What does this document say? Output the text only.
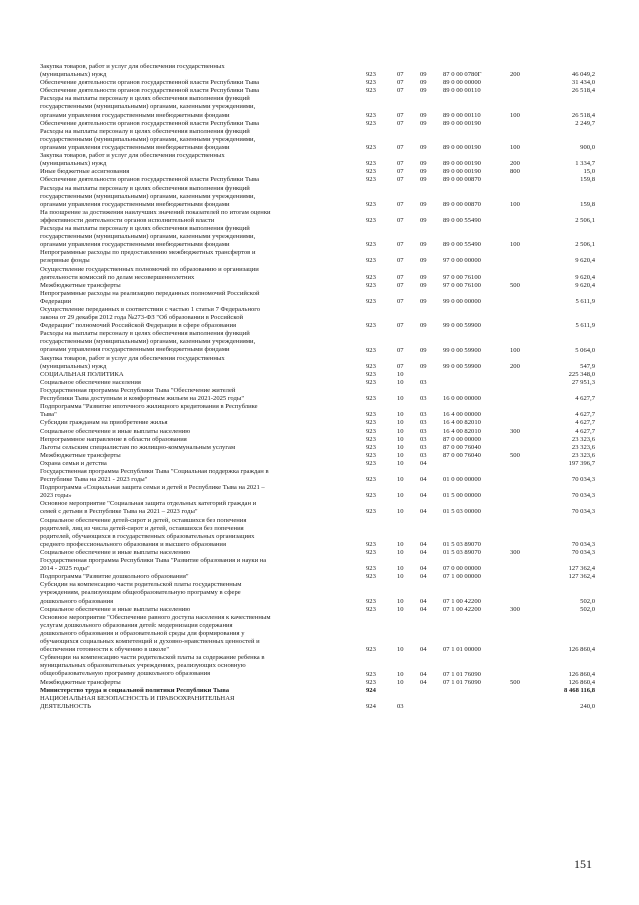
Закупка товаров, работ и услуг для обеспечения государственных
(муниципальных) нужд	923	07 09 87 0 00 0780Г	200	46 049,2
Обеспечение деятельности органов государственной власти Республики Тыва	923	07 09 89 0 00 00000	31 434,0
Обеспечение деятельности органов государственной власти Республики Тыва	923	07 09 89 0 00 00110	26 518,4
Расходы на выплаты персоналу в целях обеспечения выполнения функций
государственными (муниципальными) органами, казенными учреждениями,
органами управления государственными внебюджетными фондами	923	07 09 89 0 00 00110	100	26 518,4
Обеспечение деятельности органов государственной власти Республики Тыва	923	07 09 89 0 00 00190	2 249,7
Расходы на выплаты персоналу в целях обеспечения выполнения функций
государственными (муниципальными) органами, казенными учреждениями,
органами управления государственными внебюджетными фондами	923	07 09 89 0 00 00190	100	900,0
Закупка товаров, работ и услуг для обеспечения государственных
(муниципальных) нужд	923	07 09 89 0 00 00190	200	1 334,7
Иные бюджетные ассигнования	923	07 09 89 0 00 00190	800	15,0
Обеспечение деятельности органов государственной власти Республики Тыва	923	07 09 89 0 00 00870	159,8
Расходы на выплаты персоналу в целях обеспечения выполнения функций
государственными (муниципальными) органами, казенными учреждениями,
органами управления государственными внебюджетными фондами	923	07 09 89 0 00 00870	100	159,8
На поощрение за достижения наилучших значений показателей по итогам оценки
эффективности деятельности органов исполнительной власти	923	07 09 89 0 00 55490	2 506,1
Расходы на выплаты персоналу в целях обеспечения выполнения функций
государственными (муниципальными) органами, казенными учреждениями,
органами управления государственными внебюджетными фондами	923	07 09 89 0 00 55490	100	2 506,1
Непрограммные расходы по предоставлению межбюджетных трансфертов и
резервные фонды	923	07 09 97 0 00 00000	9 620,4
Осуществление государственных полномочий по образованию и организации
деятельности комиссий по делам несовершеннолетних	923	07 09 97 0 00 76100	9 620,4
Межбюджетные трансферты	923	07 09 97 0 00 76100	500	9 620,4
Непрограммные расходы на реализацию переданных полномочий Российской
Федерации	923	07 09 99 0 00 00000	5 611,9
Осуществление переданных в соответствии с частью 1 статьи 7 Федерального
закона от 29 декабря 2012 года №273-ФЗ "Об образовании в Российской
Федерации" полномочий Российской Федерации в сфере образования	923	07 09 99 0 00 59900	5 611,9
Расходы на выплаты персоналу в целях обеспечения выполнения функций
государственными (муниципальными) органами, казенными учреждениями,
органами управления государственными внебюджетными фондами	923	07 09 99 0 00 59900	100	5 064,0
Закупка товаров, работ и услуг для обеспечения государственных
(муниципальных) нужд	923	07 09 99 0 00 59900	200	547,9
СОЦИАЛЬНАЯ ПОЛИТИКА	923	10	225 348,0
Социальное обеспечение населения	923	10 03	27 951,3
Государственная программа Республики Тыва "Обеспечение жителей
Республики Тыва доступным и комфортным жильем на 2021-2025 годы"	923	10 03 16 0 00 00000	4 627,7
Подпрограмма "Развитие ипотечного жилищного кредитования в Республике
Тыва"	923	10 03 16 4 00 00000	4 627,7
Субсидии гражданам на приобретение жилья	923	10 03 16 4 00 82010	4 627,7
Социальное обеспечение и иные выплаты населению	923	10 03 16 4 00 82010	300	4 627,7
Непрограммное направление в области образования	923	10 03 87 0 00 00000	23 323,6
Льготы сельским специалистам по жилищно-коммунальным услугам	923	10 03 87 0 00 76040	23 323,6
Межбюджетные трансферты	923	10 03 87 0 00 76040	500	23 323,6
Охрана семьи и детства	923	10 04	197 396,7
Государственная программа Республики Тыва "Социальная поддержка граждан в
Республике Тыва на 2021 - 2023 годы"	923	10 04 01 0 00 00000	70 034,3
Подпрограмма «Социальная защита семьи и детей в Республике Тыва на 2021 –
2023 годы»	923	10 04 01 5 00 00000	70 034,3
Основное мероприятие "Социальная защита отдельных категорий граждан и
семей с детьми в Республике Тыва на 2021 – 2023 годы"	923	10 04 01 5 03 00000	70 034,3
Социальное обеспечение детей-сирот и детей, оставшихся без попечения
родителей, лиц из числа детей-сирот и детей, оставшихся без попечения
родителей, обучающихся в государственных образовательных организациях
среднего профессионального образования и высшего образования	923	10 04 01 5 03 89070	70 034,3
Социальное обеспечение и иные выплаты населению	923	10 04 01 5 03 89070	300	70 034,3
Государственная программа Республики Тыва "Развитие образования и науки на
2014 - 2025 годы"	923	10 04 07 0 00 00000	127 362,4
Подпрограмма "Развитие дошкольного образования"	923	10 04 07 1 00 00000	127 362,4
Субсидии на компенсацию части родительской платы государственным
учреждениям, реализующим общеобразовательную программу в сфере
дошкольного образования	923	10 04 07 1 00 42200	502,0
Социальное обеспечение и иные выплаты населению	923	10 04 07 1 00 42200	300	502,0
Основное мероприятие "Обеспечение равного доступа населения к качественным
услугам дошкольного образования детей: модернизация содержания
дошкольного образования и образовательной среды для формирования у
обучающихся социальных компетенций и духовно-нравственных ценностей и
обеспечения готовности к обучению в школе"	923	10 04 07 1 01 00000	126 860,4
Субвенции на компенсацию части родительской платы за содержание ребенка в
муниципальных образовательных учреждениях, реализующих основную
общеобразовательную программу дошкольного образования	923	10 04 07 1 01 76090	126 860,4
Межбюджетные трансферты	923	10 04 07 1 01 76090	500	126 860,4
Министерство труда и социальной политики Республики Тыва	924	8 468 116,8
НАЦИОНАЛЬНАЯ БЕЗОПАСНОСТЬ И ПРАВООХРАНИТЕЛЬНАЯ
ДЕЯТЕЛЬНОСТЬ	924	03	240,0
151
